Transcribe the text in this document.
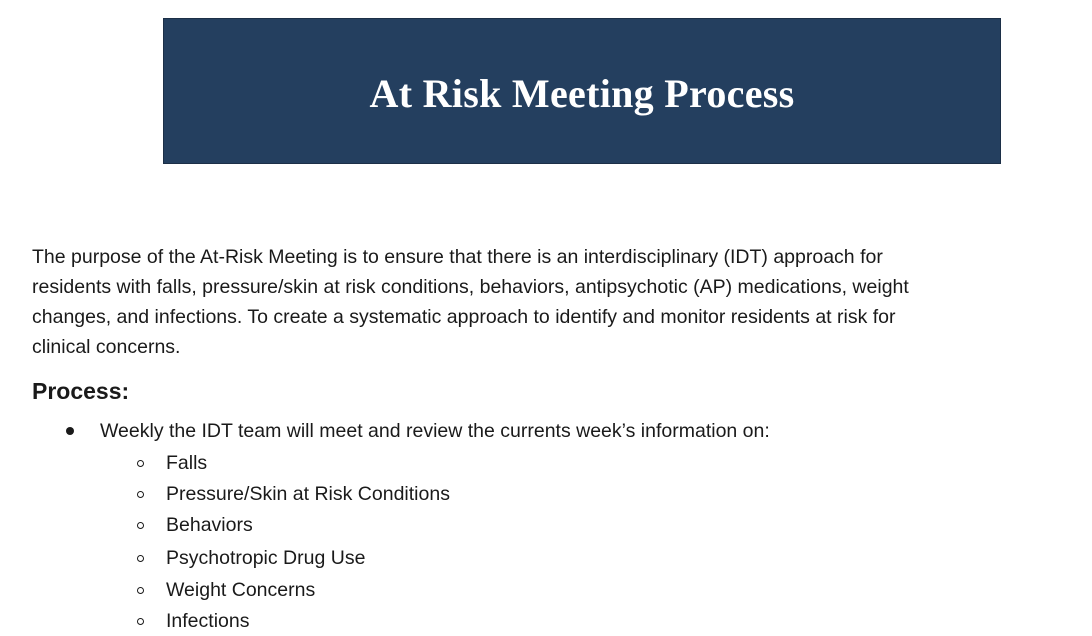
At Risk Meeting Process

The purpose of the At-Risk Meeting is to ensure that there is an interdisciplinary (IDT) approach for
residents with falls, pressure/skin at risk conditions, behaviors, antipsychotic (AP) medications, weight
changes, and infections. To create a systematic approach to identify and monitor residents at risk for
clinical concerns.

Process:
Weekly the IDT team will meet and review the currents week’s information on:
Falls
Pressure/Skin at Risk Conditions
Behaviors
Psychotropic Drug Use
Weight Concerns
Infections
